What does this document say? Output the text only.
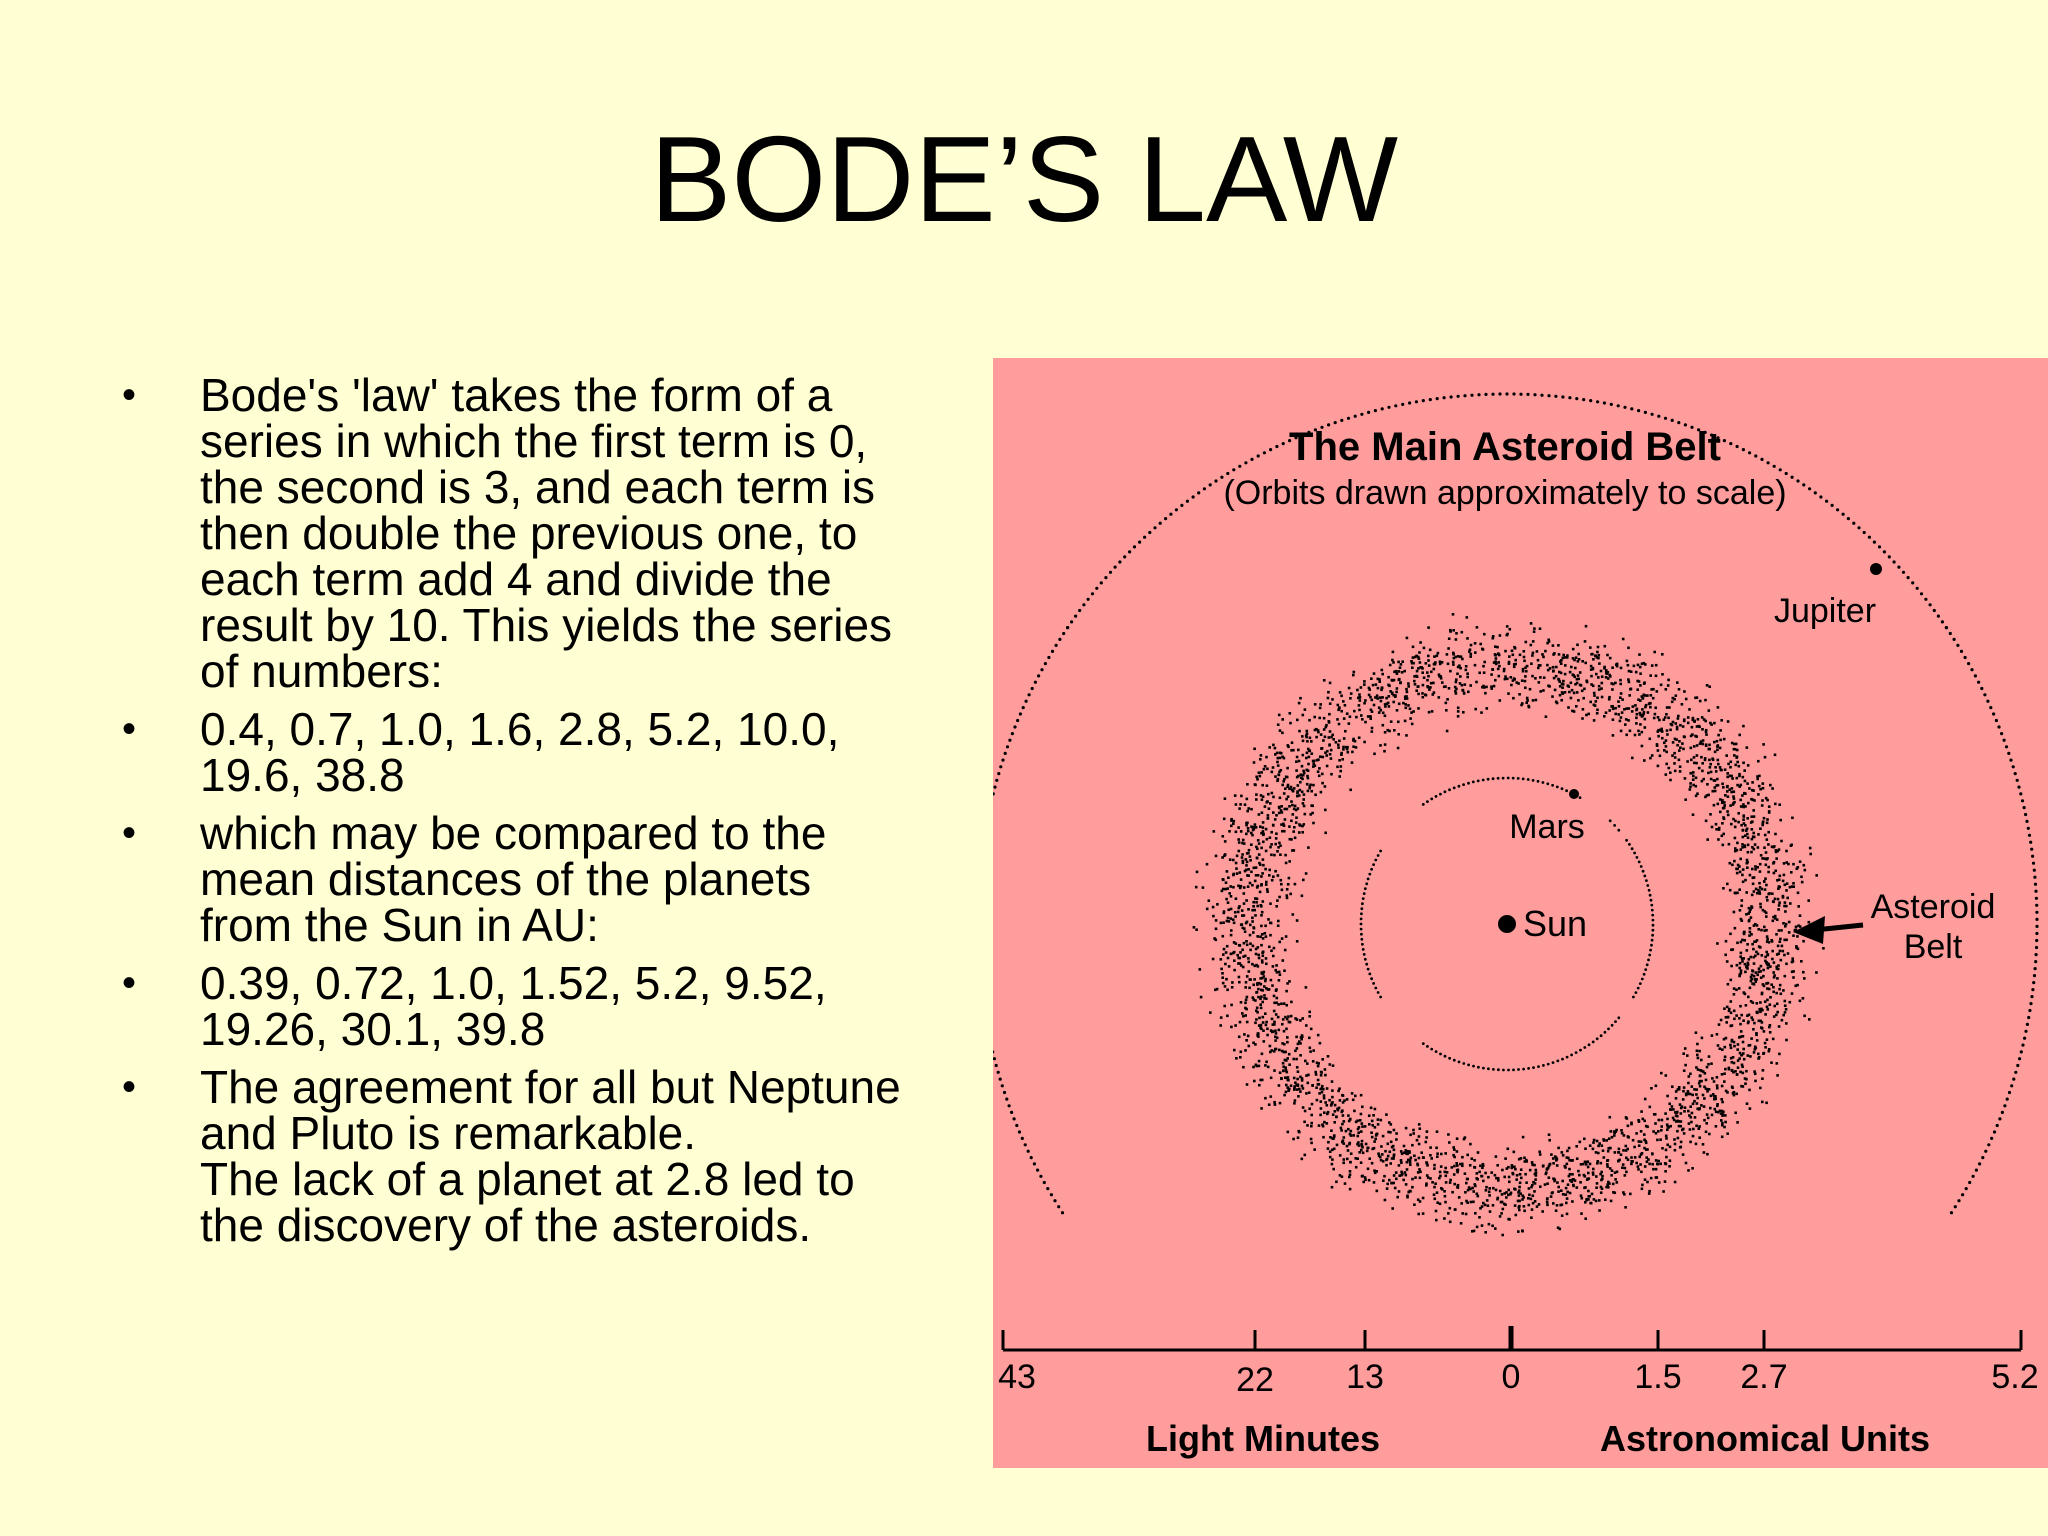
BODE’S LAW
• Bode's 'law' takes the form of a
series in which the first term is 0,
the second is 3, and each term is
then double the previous one, to
each term add 4 and divide the
result by 10. This yields the series
of numbers:
• 0.4, 0.7, 1.0, 1.6, 2.8, 5.2, 10.0,
19.6, 38.8
• which may be compared to the
mean distances of the planets
from the Sun in AU:
• 0.39, 0.72, 1.0, 1.52, 5.2, 9.52,
19.26, 30.1, 39.8
• The agreement for all but Neptune
and Pluto is remarkable.
The lack of a planet at 2.8 led to
the discovery of the asteroids.
The Main Asteroid Belt
(Orbits drawn approximately to scale)
Jupiter
Mars
Sun	Asteroid
Belt
43	22 13	0	1.5 2.7	5.2
Light Minutes	Astronomical Units
